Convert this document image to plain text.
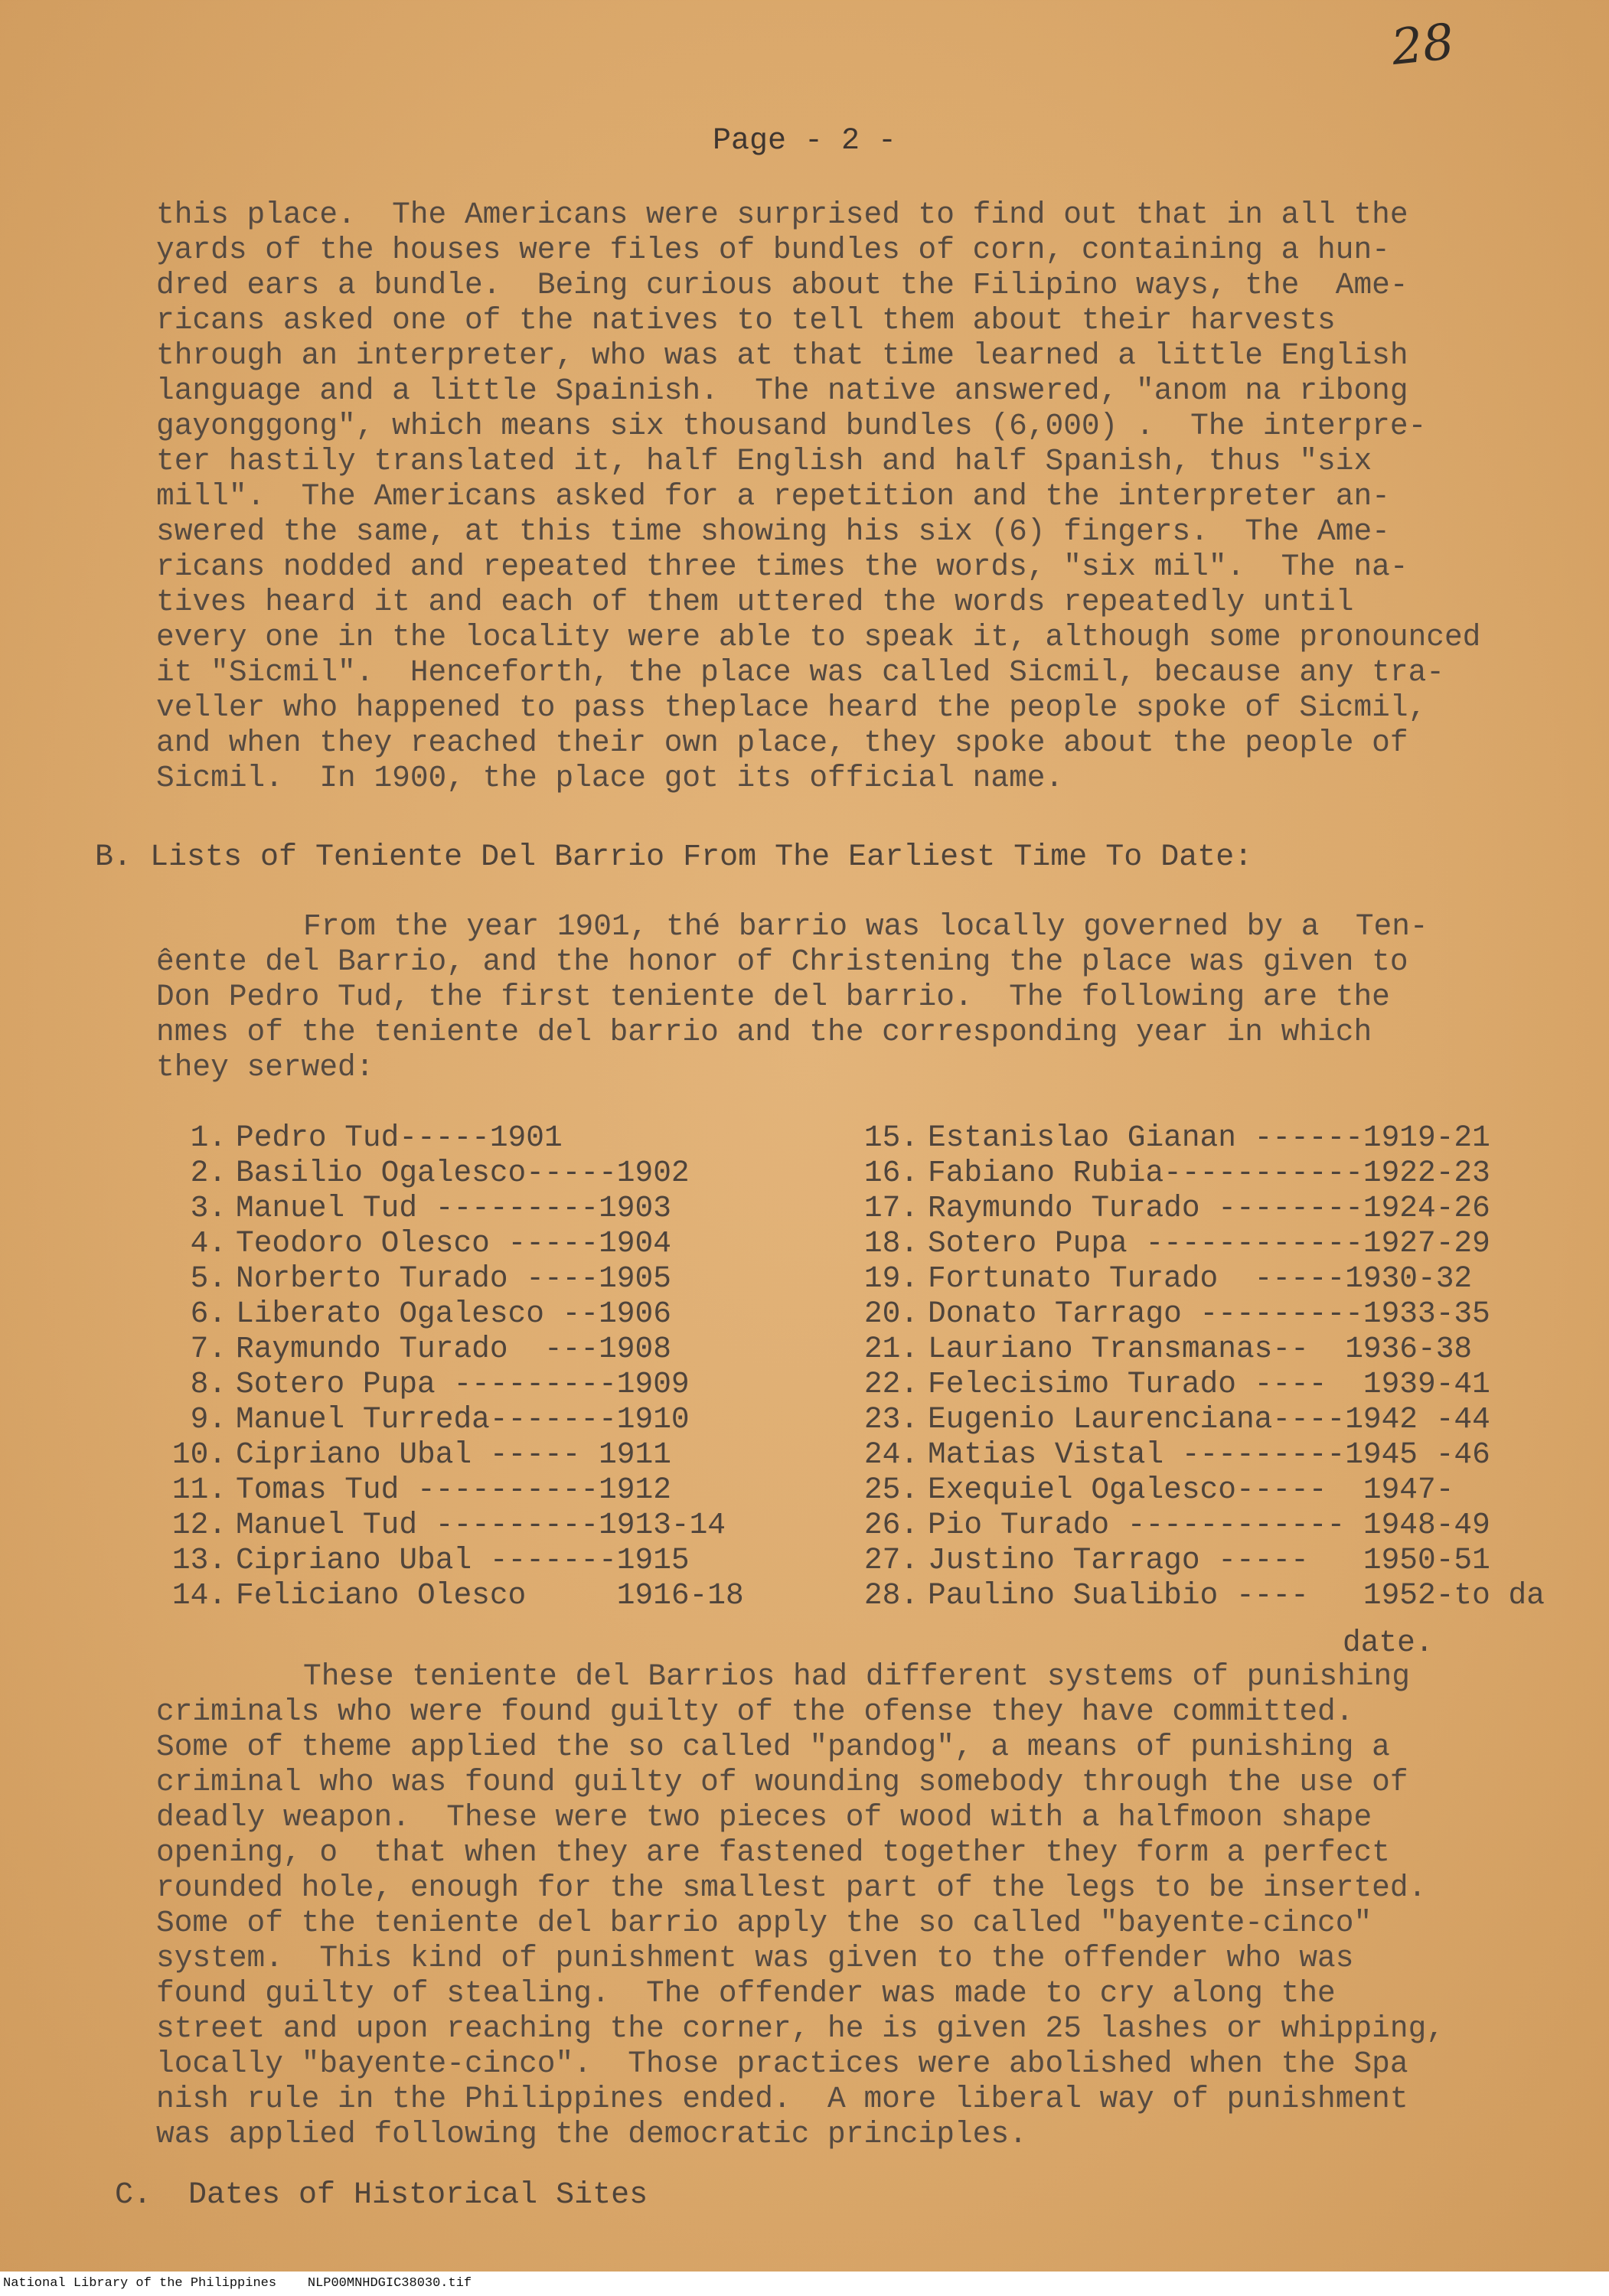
28
Page - 2 -

this place.  The Americans were surprised to find out that in all the
yards of the houses were files of bundles of corn, containing a hun-
dred ears a bundle.  Being curious about the Filipino ways, the  Ame-
ricans asked one of the natives to tell them about their harvests
through an interpreter, who was at that time learned a little English
language and a little Spainish.  The native answered, "anom na ribong
gayonggong", which means six thousand bundles (6,000) .  The interpre-
ter hastily translated it, half English and half Spanish, thus "six
mill".  The Americans asked for a repetition and the interpreter an-
swered the same, at this time showing his six (6) fingers.  The Ame-
ricans nodded and repeated three times the words, "six mil".  The na-
tives heard it and each of them uttered the words repeatedly until
every one in the locality were able to speak it, although some pronounced
it "Sicmil".  Henceforth, the place was called Sicmil, because any tra-
veller who happened to pass theplace heard the people spoke of Sicmil,
and when they reached their own place, they spoke about the people of
Sicmil.  In 1900, the place got its official name.

B. Lists of Teniente Del Barrio From The Earliest Time To Date:

From the year 1901, thé barrio was locally governed by a  Ten-
êente del Barrio, and the honor of Christening the place was given to
Don Pedro Tud, the first teniente del barrio.  The following are the
nmes of the teniente del barrio and the corresponding year in which
they serwed:

1. Pedro Tud-----1901
2. Basilio Ogalesco-----1902
3. Manuel Tud ---------1903
4. Teodoro Olesco -----1904
5. Norberto Turado ----1905
6. Liberato Ogalesco --1906
7. Raymundo Turado  ---1908
8. Sotero Pupa ---------1909
9. Manuel Turreda-------1910
10. Cipriano Ubal ----- 1911
11. Tomas Tud ----------1912
12. Manuel Tud ---------1913-14
13. Cipriano Ubal -------1915
14. Feliciano Olesco     1916-18
15. Estanislao Gianan ------1919-21
16. Fabiano Rubia-----------1922-23
17. Raymundo Turado --------1924-26
18. Sotero Pupa ------------1927-29
19. Fortunato Turado  -----1930-32
20. Donato Tarrago ---------1933-35
21. Lauriano Transmanas--  1936-38
22. Felecisimo Turado ----  1939-41
23. Eugenio Laurenciana----1942 -44
24. Matias Vistal ---------1945 -46
25. Exequiel Ogalesco-----  1947-
26. Pio Turado ------------ 1948-49
27. Justino Tarrago -----   1950-51
28. Paulino Sualibio ----   1952-to da
date.

These teniente del Barrios had different systems of punishing
criminals who were found guilty of the ofense they have committed.
Some of theme applied the so called "pandog", a means of punishing a
criminal who was found guilty of wounding somebody through the use of
deadly weapon.  These were two pieces of wood with a halfmoon shape
opening, o  that when they are fastened together they form a perfect
rounded hole, enough for the smallest part of the legs to be inserted.
Some of the teniente del barrio apply the so called "bayente-cinco"
system.  This kind of punishment was given to the offender who was
found guilty of stealing.  The offender was made to cry along the
street and upon reaching the corner, he is given 25 lashes or whipping,
locally "bayente-cinco".  Those practices were abolished when the Spa
nish rule in the Philippines ended.  A more liberal way of punishment
was applied following the democratic principles.

C.  Dates of Historical Sites
National Library of the Philippines    NLP00MNHDGIC38030.tif
